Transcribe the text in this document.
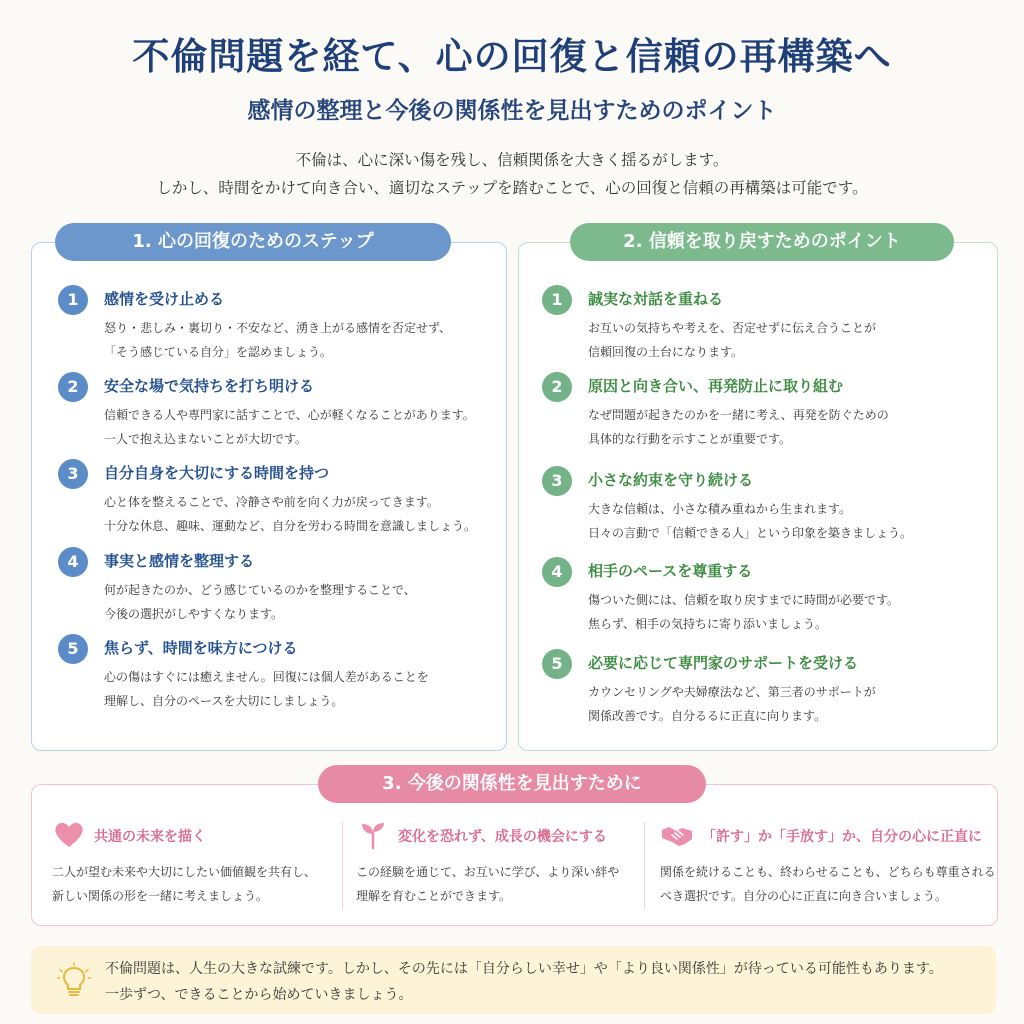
不倫問題を経て、心の回復と信頼の再構築へ
感情の整理と今後の関係性を見出すためのポイント
不倫は、心に深い傷を残し、信頼関係を大きく揺るがします。
しかし、時間をかけて向き合い、適切なステップを踏むことで、心の回復と信頼の再構築は可能です。
1. 心の回復のためのステップ
1	感情を受け止める
怒り・悲しみ・裏切り・不安など、湧き上がる感情を否定せず、
「そう感じている自分」を認めましょう。
2	安全な場で気持ちを打ち明ける
信頼できる人や専門家に話すことで、心が軽くなることがあります。
一人で抱え込まないことが大切です。
3	自分自身を大切にする時間を持つ
心と体を整えることで、冷静さや前を向く力が戻ってきます。
十分な休息、趣味、運動など、自分を労わる時間を意識しましょう。
4	事実と感情を整理する
何が起きたのか、どう感じているのかを整理することで、
今後の選択がしやすくなります。
5	焦らず、時間を味方につける
心の傷はすぐには癒えません。回復には個人差があることを
理解し、自分のペースを大切にしましょう。
2. 信頼を取り戻すためのポイント
1	誠実な対話を重ねる
お互いの気持ちや考えを、否定せずに伝え合うことが
信頼回復の土台になります。
2	原因と向き合い、再発防止に取り組む
なぜ問題が起きたのかを一緒に考え、再発を防ぐための
具体的な行動を示すことが重要です。
3	小さな約束を守り続ける
大きな信頼は、小さな積み重ねから生まれます。
日々の言動で「信頼できる人」という印象を築きましょう。
4	相手のペースを尊重する
傷ついた側には、信頼を取り戻すまでに時間が必要です。
焦らず、相手の気持ちに寄り添いましょう。
5	必要に応じて専門家のサポートを受ける
カウンセリングや夫婦療法など、第三者のサポートが
関係改善です。自分るるに正直に向ります。
3. 今後の関係性を見出すために
共通の未来を描く
二人が望む未来や大切にしたい価値観を共有し、
新しい関係の形を一緒に考えましょう。
変化を恐れず、成長の機会にする
この経験を通じて、お互いに学び、より深い絆や
理解を育むことができます。
「許す」か「手放す」か、自分の心に正直に
関係を続けることも、終わらせることも、どちらも尊重される
べき選択です。自分の心に正直に向き合いましょう。
不倫問題は、人生の大きな試練です。しかし、その先には「自分らしい幸せ」や「より良い関係性」が待っている可能性もあります。
一歩ずつ、できることから始めていきましょう。
